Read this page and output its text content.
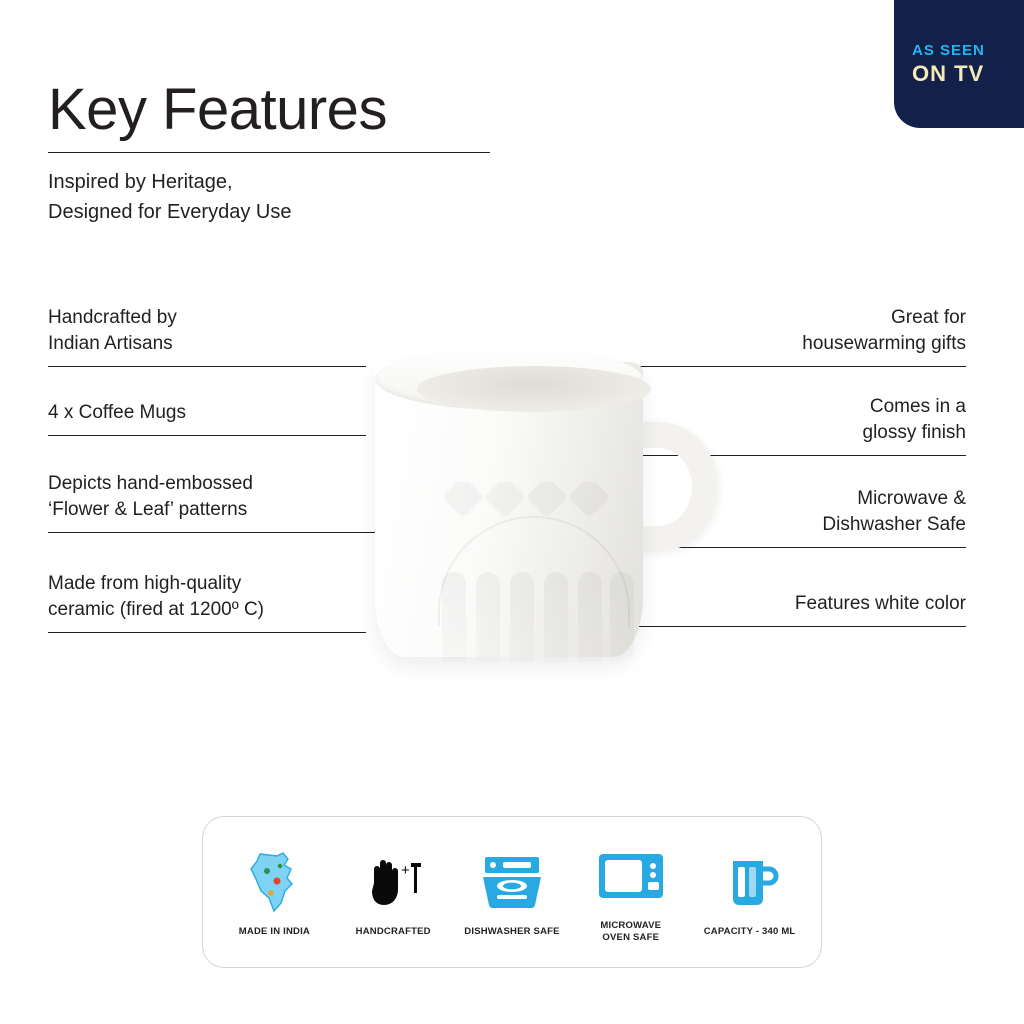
AS SEEN
ON TV
Key Features
Inspired by Heritage,
Designed for Everyday Use
Handcrafted by
Indian Artisans
4 x Coffee Mugs
Depicts hand-embossed
‘Flower & Leaf’ patterns
Made from high-quality
ceramic (fired at 1200º C)
Great for
housewarming gifts
Comes in a
glossy finish
Microwave &
Dishwasher Safe
Features white color
MADE IN INDIA
+
HANDCRAFTED	DISHWASHER SAFE
MICROWAVE
OVEN SAFE
CAPACITY - 340 ML
